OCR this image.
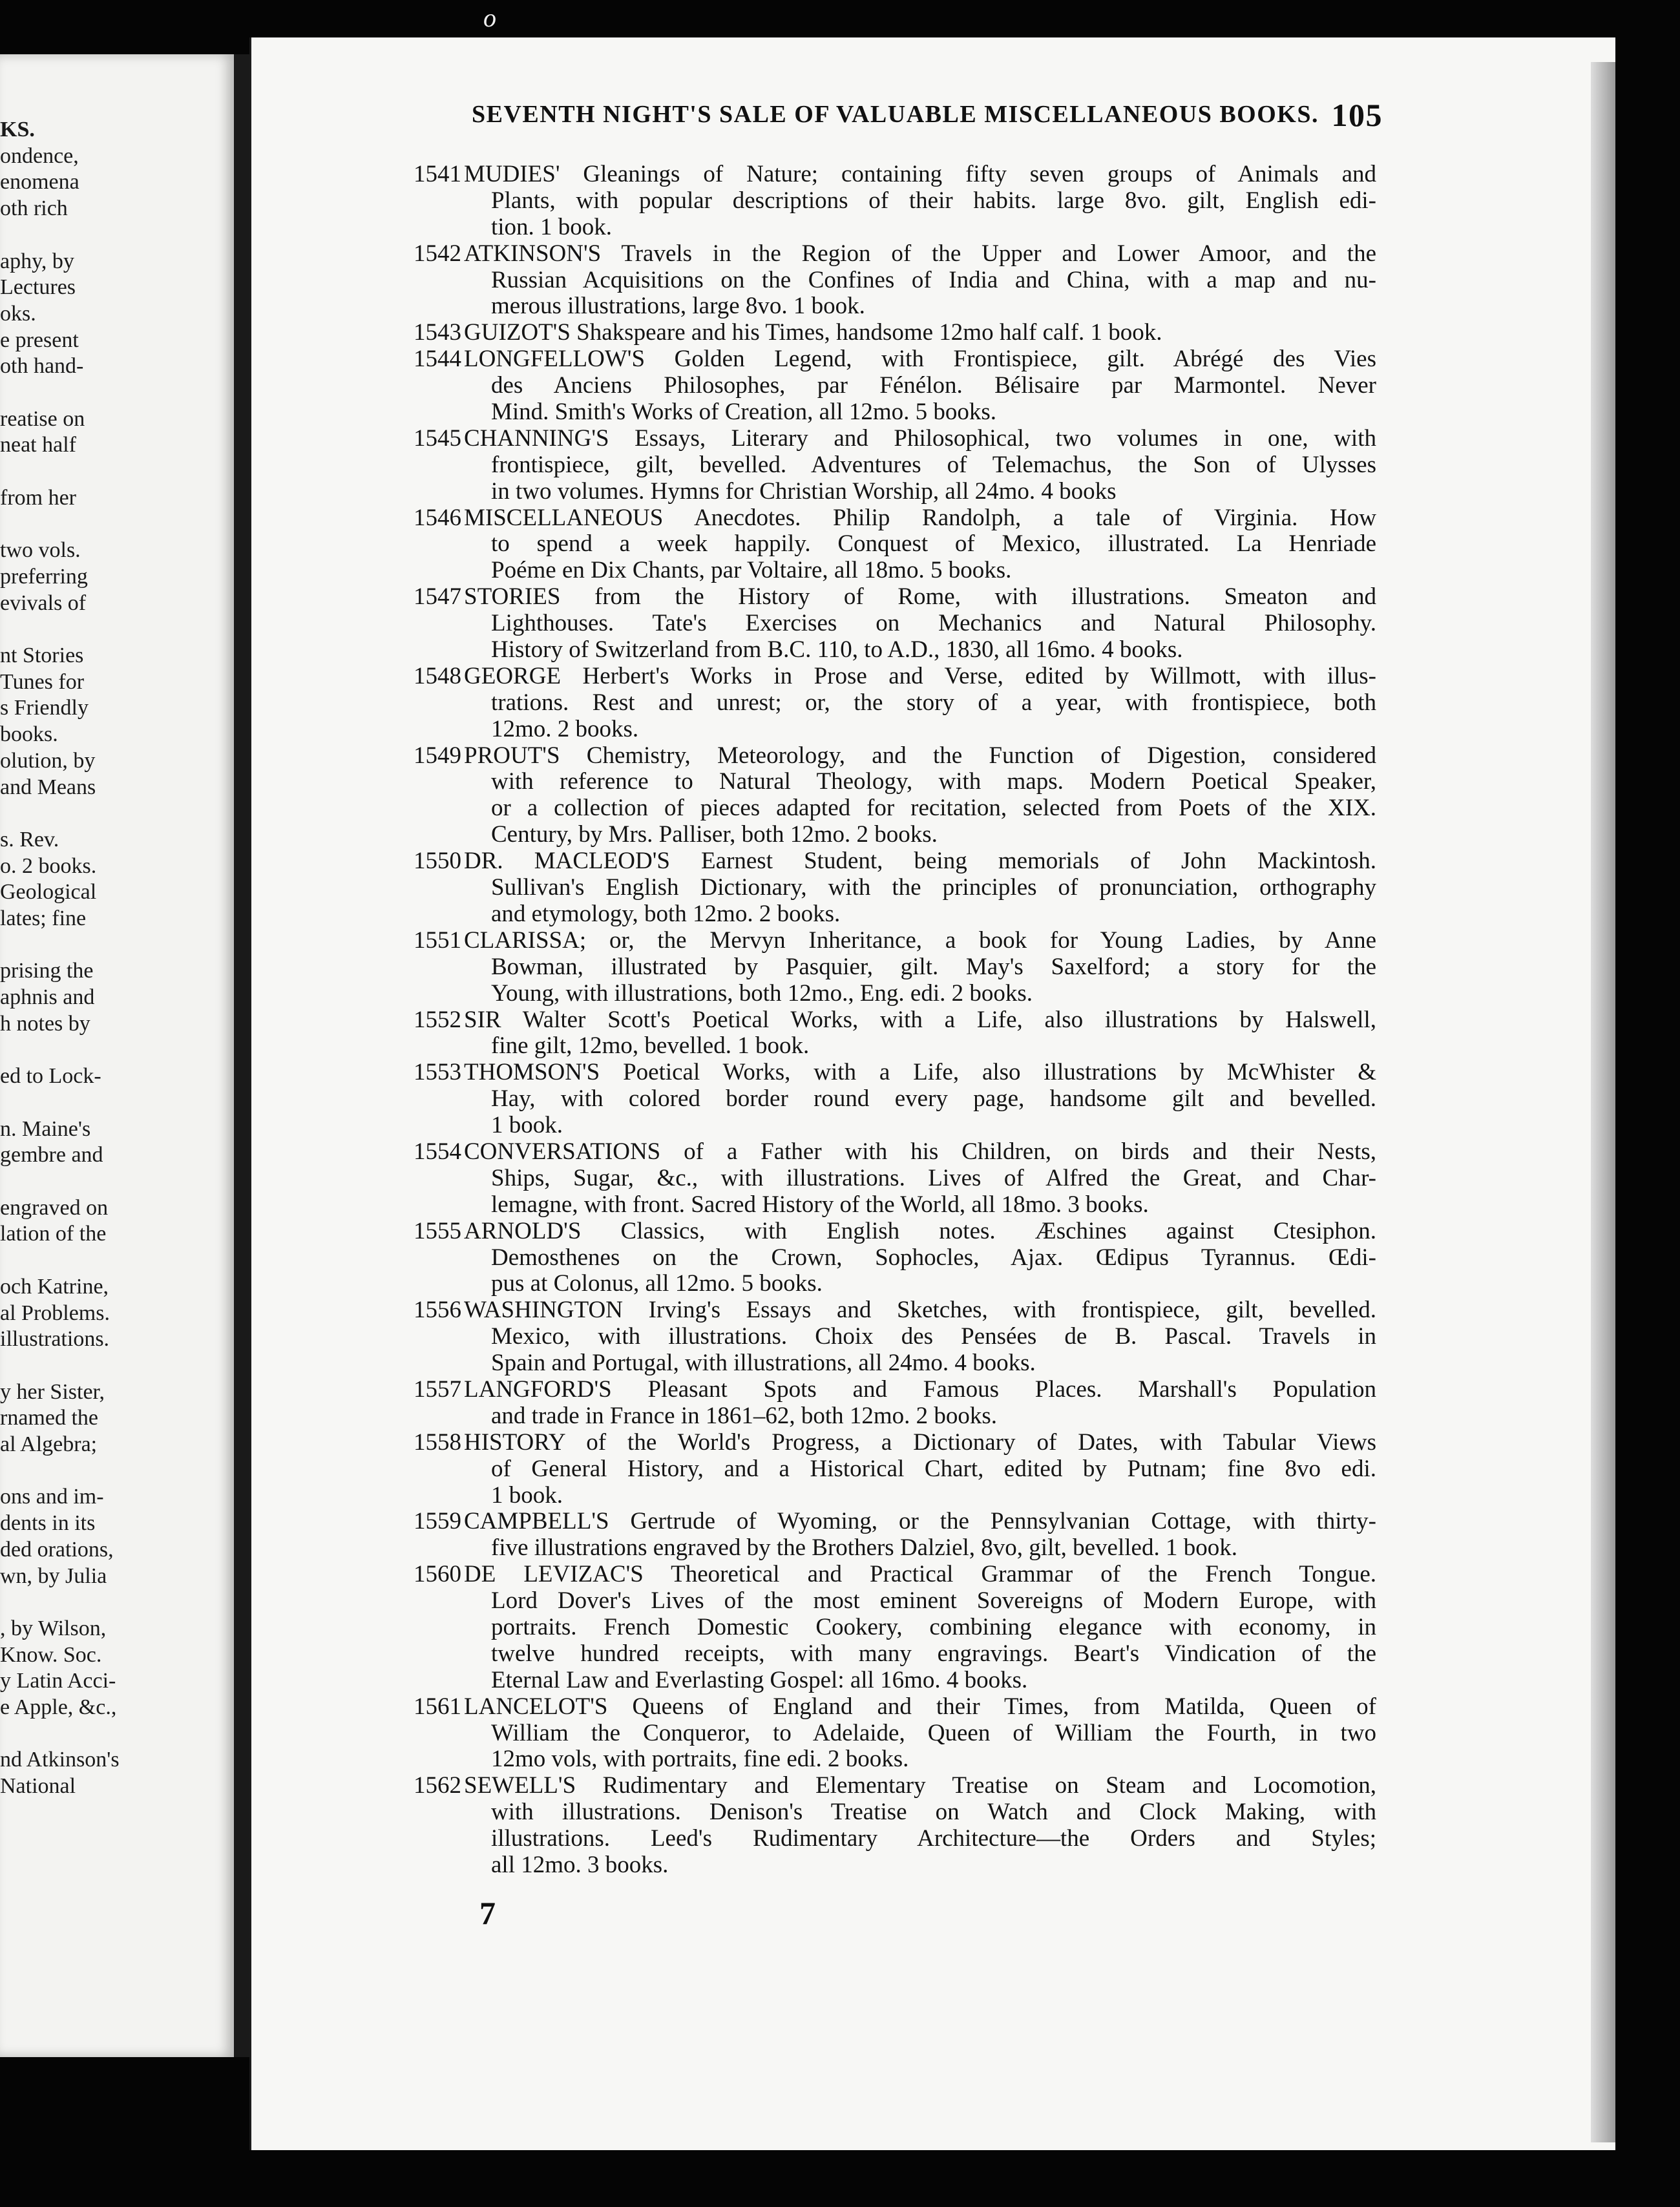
o
KS.
ondence,
enomena
oth rich
aphy, by
Lectures
oks.
e present
oth hand-
reatise on
neat half
from her
two vols.
preferring
evivals of
nt Stories
Tunes for
s Friendly
books.
olution, by
and Means
s. Rev.
o. 2 books.
Geological
lates; fine
prising the
aphnis and
h notes by
ed to Lock-
n. Maine's
gembre and
engraved on
lation of the
och Katrine,
al Problems.
illustrations.
y her Sister,
rnamed the
al Algebra;
ons and im-
dents in its
ded orations,
wn, by Julia
, by Wilson,
Know. Soc.
y Latin Acci-
e Apple, &c.,
nd Atkinson's
National
SEVENTH NIGHT'S SALE OF VALUABLE MISCELLANEOUS BOOKS. 105
1541 MUDIES' Gleanings of Nature; containing fifty seven groups of Animals and
Plants, with popular descriptions of their habits. large 8vo. gilt, English edi-
tion. 1 book.
1542 ATKINSON'S Travels in the Region of the Upper and Lower Amoor, and the
Russian Acquisitions on the Confines of India and China, with a map and nu-
merous illustrations, large 8vo. 1 book.
1543 GUIZOT'S Shakspeare and his Times, handsome 12mo half calf. 1 book.
1544 LONGFELLOW'S Golden Legend, with Frontispiece, gilt. Abrégé des Vies
des Anciens Philosophes, par Fénélon. Bélisaire par Marmontel. Never
Mind. Smith's Works of Creation, all 12mo. 5 books.
1545 CHANNING'S Essays, Literary and Philosophical, two volumes in one, with
frontispiece, gilt, bevelled. Adventures of Telemachus, the Son of Ulysses
in two volumes. Hymns for Christian Worship, all 24mo. 4 books
1546 MISCELLANEOUS Anecdotes. Philip Randolph, a tale of Virginia. How
to spend a week happily. Conquest of Mexico, illustrated. La Henriade
Poéme en Dix Chants, par Voltaire, all 18mo. 5 books.
1547 STORIES from the History of Rome, with illustrations. Smeaton and
Lighthouses. Tate's Exercises on Mechanics and Natural Philosophy.
History of Switzerland from B.C. 110, to A.D., 1830, all 16mo. 4 books.
1548 GEORGE Herbert's Works in Prose and Verse, edited by Willmott, with illus-
trations. Rest and unrest; or, the story of a year, with frontispiece, both
12mo. 2 books.
1549 PROUT'S Chemistry, Meteorology, and the Function of Digestion, considered
with reference to Natural Theology, with maps. Modern Poetical Speaker,
or a collection of pieces adapted for recitation, selected from Poets of the XIX.
Century, by Mrs. Palliser, both 12mo. 2 books.
1550 DR. MACLEOD'S Earnest Student, being memorials of John Mackintosh.
Sullivan's English Dictionary, with the principles of pronunciation, orthography
and etymology, both 12mo. 2 books.
1551 CLARISSA; or, the Mervyn Inheritance, a book for Young Ladies, by Anne
Bowman, illustrated by Pasquier, gilt. May's Saxelford; a story for the
Young, with illustrations, both 12mo., Eng. edi. 2 books.
1552 SIR Walter Scott's Poetical Works, with a Life, also illustrations by Halswell,
fine gilt, 12mo, bevelled. 1 book.
1553 THOMSON'S Poetical Works, with a Life, also illustrations by McWhister &
Hay, with colored border round every page, handsome gilt and bevelled.
1 book.
1554 CONVERSATIONS of a Father with his Children, on birds and their Nests,
Ships, Sugar, &c., with illustrations. Lives of Alfred the Great, and Char-
lemagne, with front. Sacred History of the World, all 18mo. 3 books.
1555 ARNOLD'S Classics, with English notes. Æschines against Ctesiphon.
Demosthenes on the Crown, Sophocles, Ajax. Œdipus Tyrannus. Œdi-
pus at Colonus, all 12mo. 5 books.
1556 WASHINGTON Irving's Essays and Sketches, with frontispiece, gilt, bevelled.
Mexico, with illustrations. Choix des Pensées de B. Pascal. Travels in
Spain and Portugal, with illustrations, all 24mo. 4 books.
1557 LANGFORD'S Pleasant Spots and Famous Places. Marshall's Population
and trade in France in 1861–62, both 12mo. 2 books.
1558 HISTORY of the World's Progress, a Dictionary of Dates, with Tabular Views
of General History, and a Historical Chart, edited by Putnam; fine 8vo edi.
1 book.
1559 CAMPBELL'S Gertrude of Wyoming, or the Pennsylvanian Cottage, with thirty-
five illustrations engraved by the Brothers Dalziel, 8vo, gilt, bevelled. 1 book.
1560 DE LEVIZAC'S Theoretical and Practical Grammar of the French Tongue.
Lord Dover's Lives of the most eminent Sovereigns of Modern Europe, with
portraits. French Domestic Cookery, combining elegance with economy, in
twelve hundred receipts, with many engravings. Beart's Vindication of the
Eternal Law and Everlasting Gospel: all 16mo. 4 books.
1561 LANCELOT'S Queens of England and their Times, from Matilda, Queen of
William the Conqueror, to Adelaide, Queen of William the Fourth, in two
12mo vols, with portraits, fine edi. 2 books.
1562 SEWELL'S Rudimentary and Elementary Treatise on Steam and Locomotion,
with illustrations. Denison's Treatise on Watch and Clock Making, with
illustrations. Leed's Rudimentary Architecture—the Orders and Styles;
all 12mo. 3 books.
7
